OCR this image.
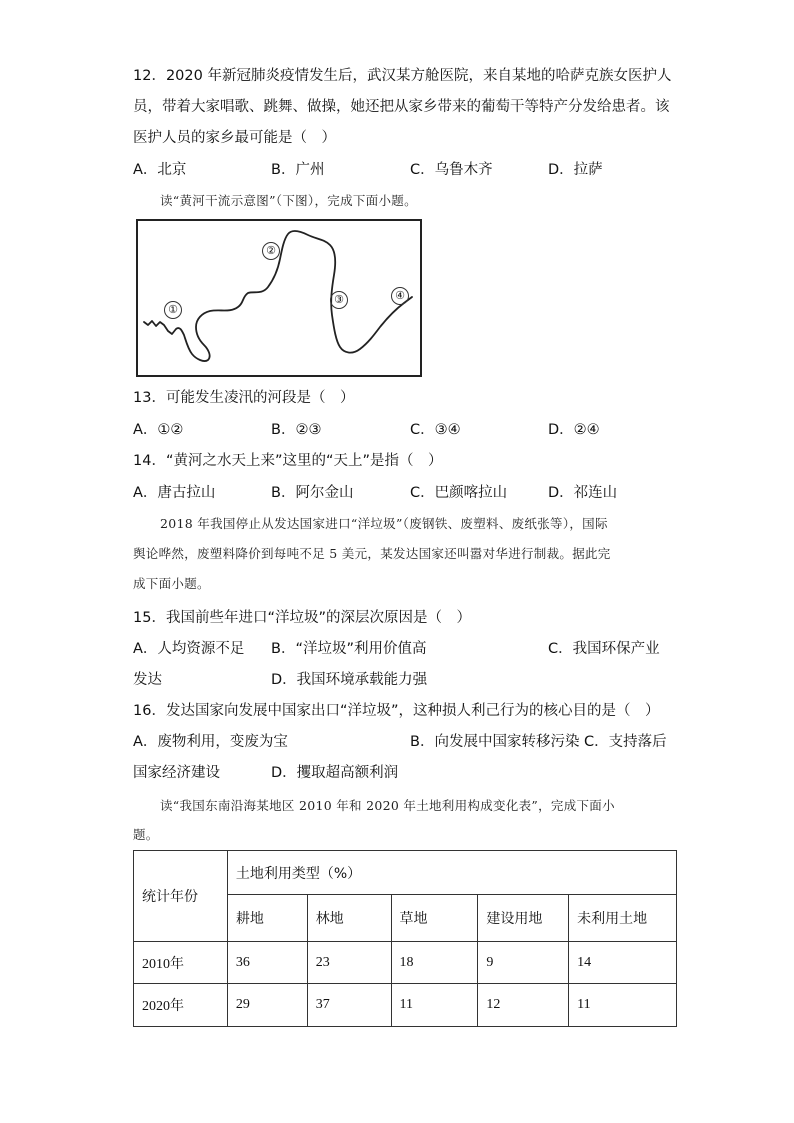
12．2020 年新冠肺炎疫情发生后，武汉某方舱医院，来自某地的哈萨克族女医护人
员，带着大家唱歌、跳舞、做操，她还把从家乡带来的葡萄干等特产分发给患者。该
医护人员的家乡最可能是（　）
A．北京	B．广州	C．乌鲁木齐	D．拉萨
读“黄河干流示意图”（下图），完成下面小题。
①
②
③	④
13．可能发生凌汛的河段是（　）
A．①②	B．②③	C．③④	D．②④
14．“黄河之水天上来”这里的“天上”是指（　）
A．唐古拉山	B．阿尔金山	C．巴颜喀拉山	D．祁连山
2018 年我国停止从发达国家进口“洋垃圾”（废钢铁、废塑料、废纸张等），国际
舆论哗然，废塑料降价到每吨不足 5 美元，某发达国家还叫嚣对华进行制裁。据此完
成下面小题。
15．我国前些年进口“洋垃圾”的深层次原因是（　）
A．人均资源不足 B．“洋垃圾”利用价值高	C．我国环保产业
发达	D．我国环境承载能力强
16．发达国家向发展中国家出口“洋垃圾”，这种损人利己行为的核心目的是（　）
A．废物利用，变废为宝	B．向发展中国家转移污染 C．支持落后
国家经济建设	D．攫取超高额利润
读“我国东南沿海某地区 2010 年和 2020 年土地利用构成变化表”，完成下面小
题。
统计年份	土地利用类型（%）				
	耕地	林地	草地	建设用地	未利用土地
2010年	36	23	18	9	14
2020年	29	37	11	12	11
